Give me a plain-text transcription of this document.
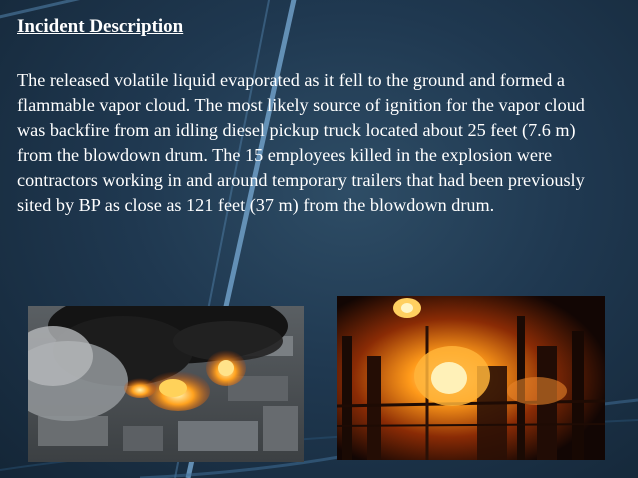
Incident Description

The released volatile liquid evaporated as it fell to the ground and formed a flammable vapor cloud. The most likely source of ignition for the vapor cloud was backfire from an idling diesel pickup truck located about 25 feet (7.6 m) from the blowdown drum. The 15 employees killed in the explosion were contractors working in and around temporary trailers that had been previously sited by BP as close as 121 feet (37 m) from the blowdown drum.
